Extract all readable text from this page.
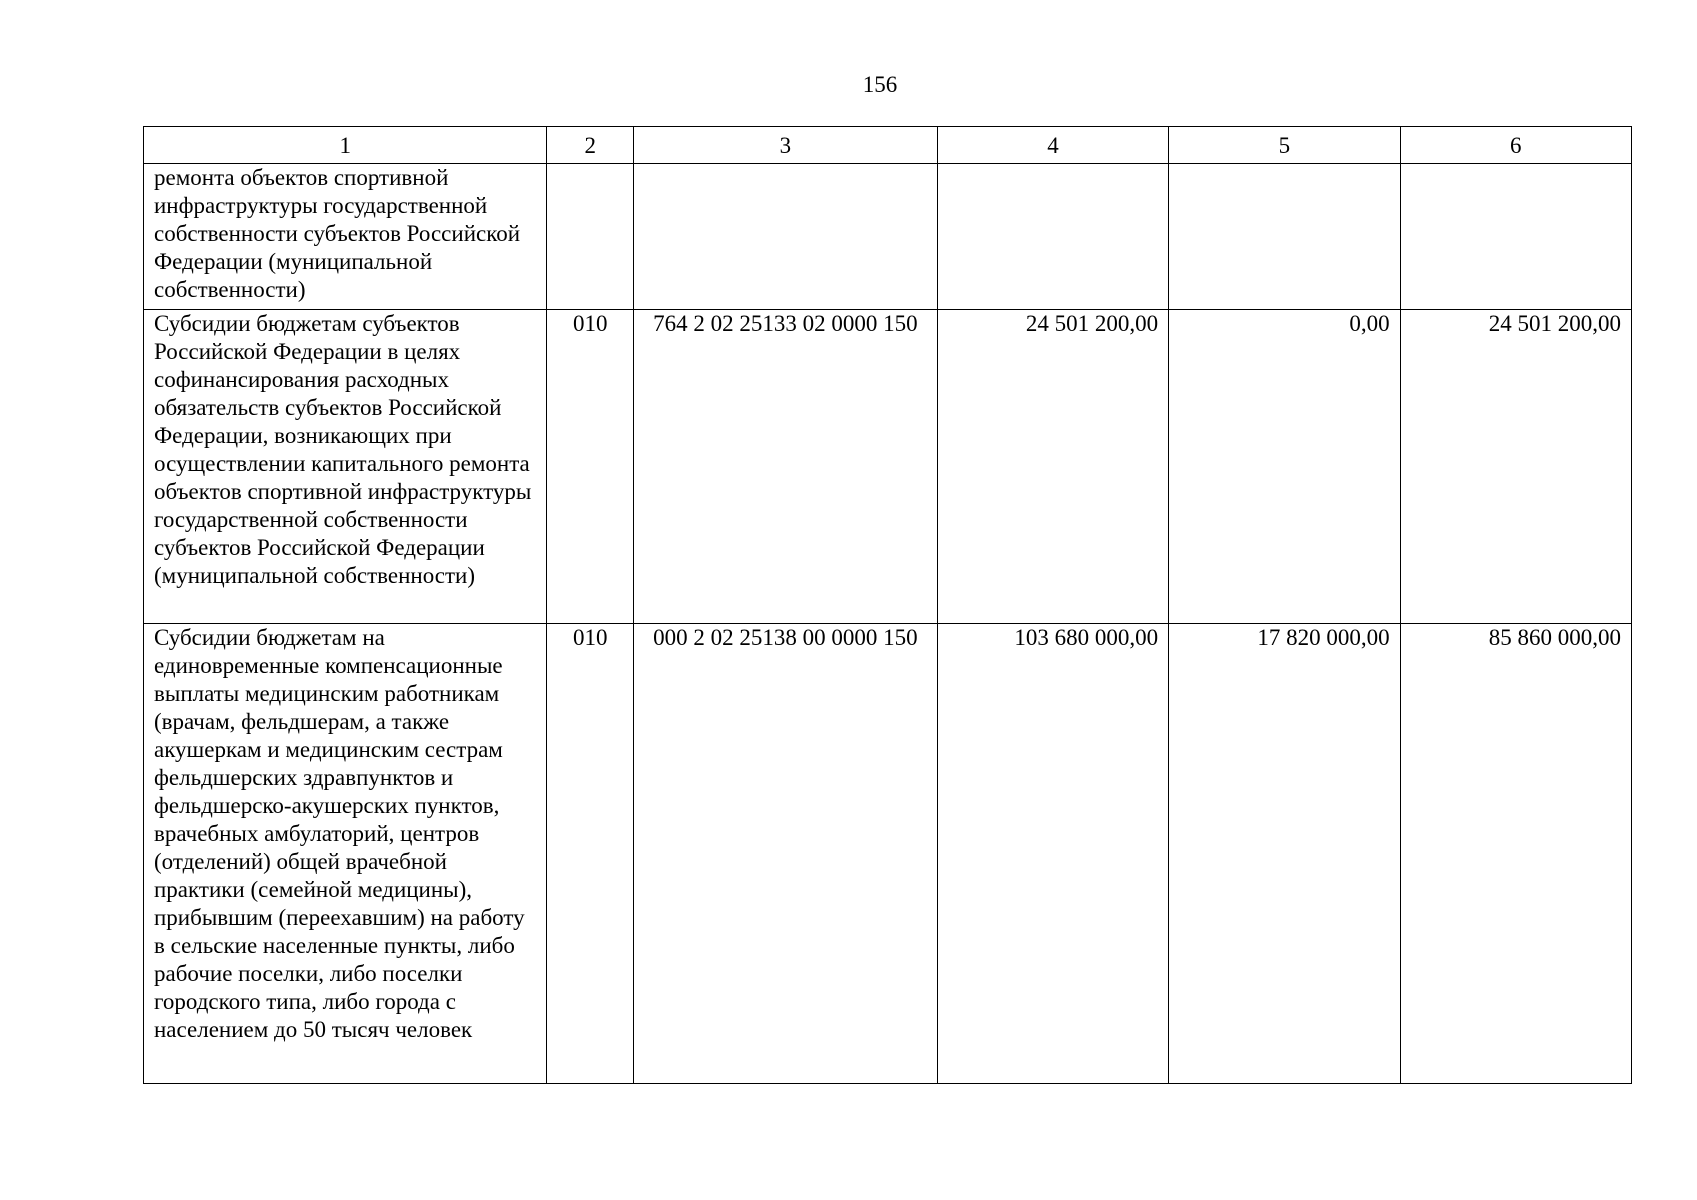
156
1	2	3	4	5	6
ремонта объектов спортивной инфраструктуры государственной собственности субъектов Российской Федерации (муниципальной собственности)					
Субсидии бюджетам субъектов Российской Федерации в целях софинансирования расходных обязательств субъектов Российской Федерации, возникающих при осуществлении капитального ремонта объектов спортивной инфраструктуры государственной собственности субъектов Российской Федерации (муниципальной собственности)	010	764 2 02 25133 02 0000 150	24 501 200,00	0,00	24 501 200,00
Субсидии бюджетам на единовременные компенсационные выплаты медицинским работникам (врачам, фельдшерам, а также акушеркам и медицинским сестрам фельдшерских здравпунктов и фельдшерско-акушерских пунктов, врачебных амбулаторий, центров (отделений) общей врачебной практики (семейной медицины), прибывшим (переехавшим) на работу в сельские населенные пункты, либо рабочие поселки, либо поселки городского типа, либо города с населением до 50 тысяч человек	010	000 2 02 25138 00 0000 150	103 680 000,00	17 820 000,00	85 860 000,00
